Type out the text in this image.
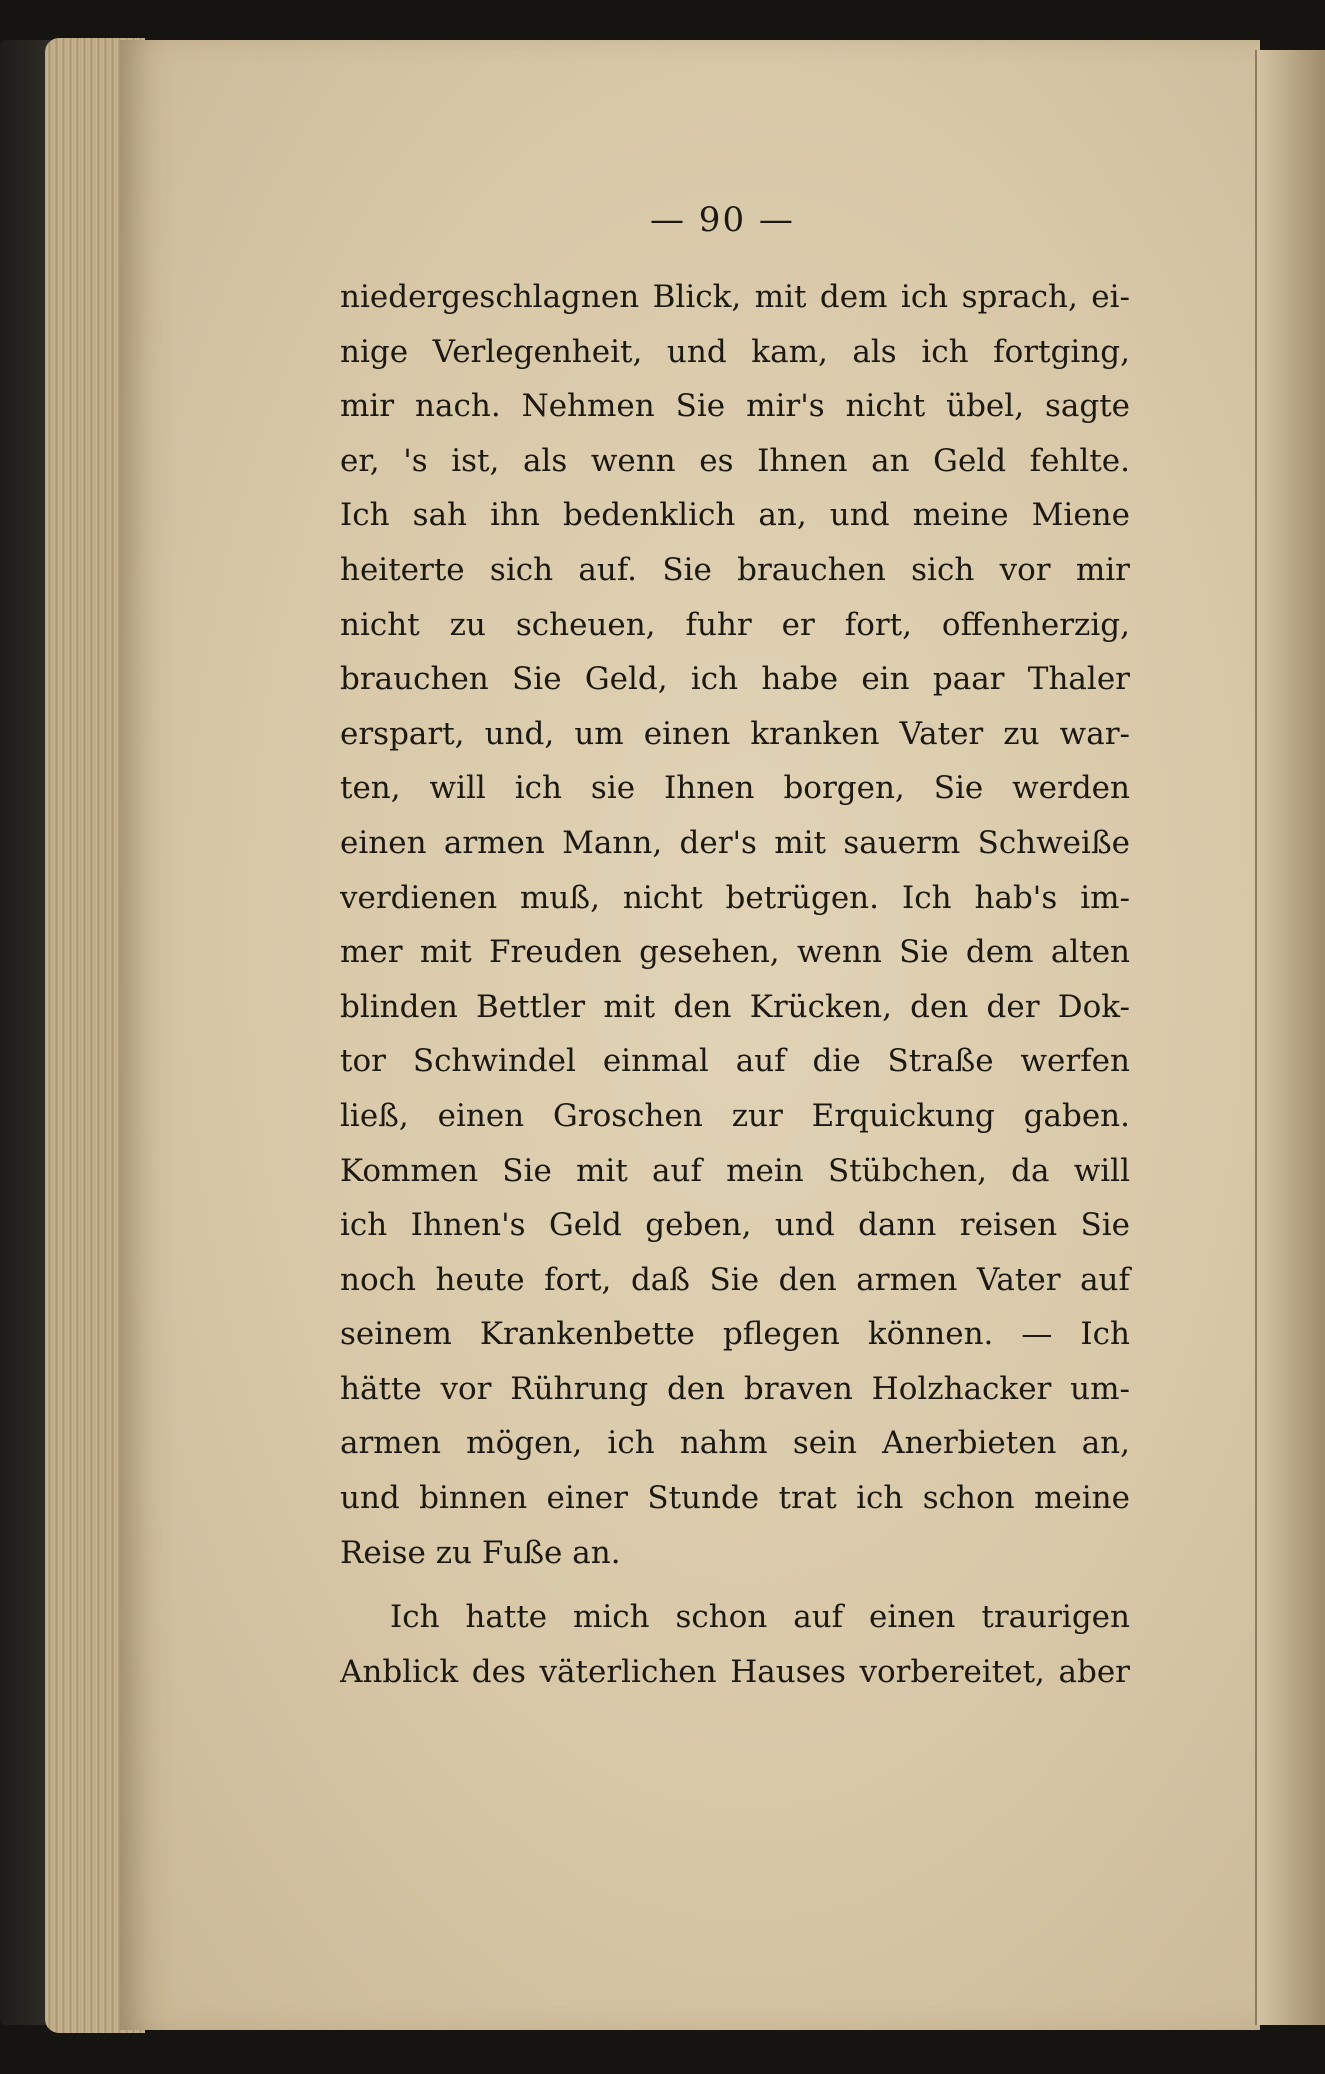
— 90 —
niedergeschlagnen Blick, mit dem ich sprach, ei-
nige Verlegenheit, und kam, als ich fortging,
mir nach. Nehmen Sie mir's nicht übel, sagte
er, 's ist, als wenn es Ihnen an Geld fehlte.
Ich sah ihn bedenklich an, und meine Miene
heiterte sich auf. Sie brauchen sich vor mir
nicht zu scheuen, fuhr er fort, offenherzig,
brauchen Sie Geld, ich habe ein paar Thaler
erspart, und, um einen kranken Vater zu war-
ten, will ich sie Ihnen borgen, Sie werden
einen armen Mann, der's mit sauerm Schweiße
verdienen muß, nicht betrügen. Ich hab's im-
mer mit Freuden gesehen, wenn Sie dem alten
blinden Bettler mit den Krücken, den der Dok-
tor Schwindel einmal auf die Straße werfen
ließ, einen Groschen zur Erquickung gaben.
Kommen Sie mit auf mein Stübchen, da will
ich Ihnen's Geld geben, und dann reisen Sie
noch heute fort, daß Sie den armen Vater auf
seinem Krankenbette pflegen können. — Ich
hätte vor Rührung den braven Holzhacker um-
armen mögen, ich nahm sein Anerbieten an,
und binnen einer Stunde trat ich schon meine
Reise zu Fuße an.
Ich hatte mich schon auf einen traurigen
Anblick des väterlichen Hauses vorbereitet, aber
